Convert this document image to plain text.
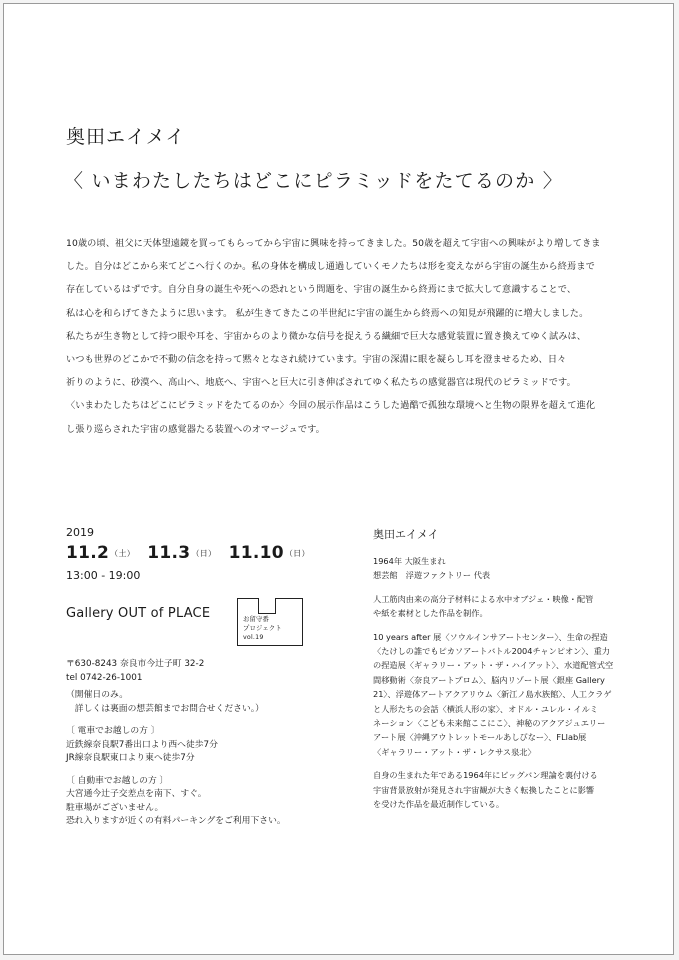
奥田エイメイ
〈 いまわたしたちはどこにピラミッドをたてるのか 〉

10歳の頃、祖父に天体望遠鏡を買ってもらってから宇宙に興味を持ってきました。50歳を超えて宇宙への興味がより増してきま

した。自分はどこから来てどこへ行くのか。私の身体を構成し通過していくモノたちは形を変えながら宇宙の誕生から終焉まで

存在しているはずです。自分自身の誕生や死への恐れという問題を、宇宙の誕生から終焉にまで拡大して意識することで、

私は心を和らげてきたように思います。 私が生きてきたこの半世紀に宇宙の誕生から終焉への知見が飛躍的に増大しました。

私たちが生き物として持つ眼や耳を、宇宙からのより微かな信号を捉えうる繊細で巨大な感覚装置に置き換えてゆく試みは、

いつも世界のどこかで不動の信念を持って黙々となされ続けています。宇宙の深淵に眼を凝らし耳を澄ませるため、日々

祈りのように、砂漠へ、高山へ、地底へ、宇宙へと巨大に引き伸ばされてゆく私たちの感覚器官は現代のピラミッドです。

〈いまわたしたちはどこにピラミッドをたてるのか〉今回の展示作品はこうした過酷で孤独な環境へと生物の限界を超えて進化

し張り巡らされた宇宙の感覚器たる装置へのオマージュです。

2019
11.2（土） 11.3（日） 11.10（日）
13:00 - 19:00
Gallery OUT of PLACE	お留守番
プロジェクト
vol.19
〒630-8243 奈良市今辻子町 32-2
tel 0742-26-1001
（開催日のみ。
　詳しくは裏面の想芸館までお問合せください。）
〔 電車でお越しの方 〕
近鉄線奈良駅7番出口より西へ徒歩7分
JR線奈良駅東口より東へ徒歩7分
〔 自動車でお越しの方 〕
大宮通今辻子交差点を南下、すぐ。
駐車場がございません。
恐れ入りますが近くの有料パーキングをご利用下さい。
奥田エイメイ

1964年 大阪生まれ
想芸館　浮遊ファクトリー 代表

人工筋肉由来の高分子材料による水中オブジェ・映像・配管
や紙を素材とした作品を制作。

10 years after 展〈ソウルインサアートセンター〉、生命の捏造
〈たけしの誰でもピカソアートバトル2004チャンピオン〉、重力
の捏造展〈ギャラリー・アット・ザ・ハイアット〉、水道配管式空
間移動術〈奈良アートプロム〉、脳内リゾート展〈銀座 Gallery
21〉、浮遊体アートアクアリウム〈新江ノ島水族館〉、人工クラゲ
と人形たちの会話〈横浜人形の家〉、オドル・ユレル・イルミ
ネーション〈こども未来館ここにこ〉、神秘のアクアジュエリー
アート展〈沖縄アウトレットモールあしびなー〉、FLlab展
〈ギャラリー・アット・ザ・レクサス泉北〉

自身の生まれた年である1964年にビッグバン理論を裏付ける
宇宙背景放射が発見され宇宙観が大きく転換したことに影響
を受けた作品を最近制作している。
